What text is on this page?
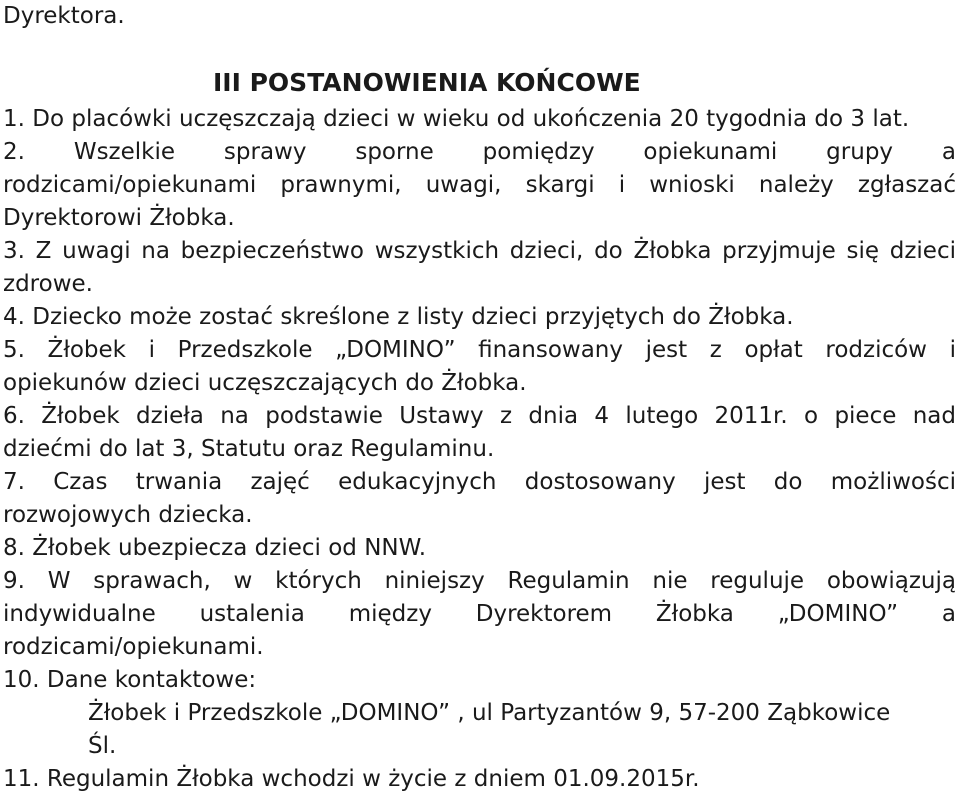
Dyrektora.
III POSTANOWIENIA KOŃCOWE
1. Do placówki uczęszczają dzieci w wieku od ukończenia 20 tygodnia do 3 lat.
2. Wszelkie sprawy sporne pomiędzy opiekunami grupy a
rodzicami/opiekunami prawnymi, uwagi, skargi i wnioski należy zgłaszać
Dyrektorowi Żłobka.
3. Z uwagi na bezpieczeństwo wszystkich dzieci, do Żłobka przyjmuje się dzieci
zdrowe.
4. Dziecko może zostać skreślone z listy dzieci przyjętych do Żłobka.
5. Żłobek i Przedszkole „DOMINO” finansowany jest z opłat rodziców i
opiekunów dzieci uczęszczających do Żłobka.
6. Żłobek dzieła na podstawie Ustawy z dnia 4 lutego 2011r. o piece nad
dziećmi do lat 3, Statutu oraz Regulaminu.
7. Czas trwania zajęć edukacyjnych dostosowany jest do możliwości
rozwojowych dziecka.
8. Żłobek ubezpiecza dzieci od NNW.
9. W sprawach, w których niniejszy Regulamin nie reguluje obowiązują
indywidualne ustalenia między Dyrektorem Żłobka „DOMINO” a
rodzicami/opiekunami.
10. Dane kontaktowe:
Żłobek i Przedszkole „DOMINO” , ul Partyzantów 9, 57-200 Ząbkowice
Śl.
11. Regulamin Żłobka wchodzi w życie z dniem 01.09.2015r.
